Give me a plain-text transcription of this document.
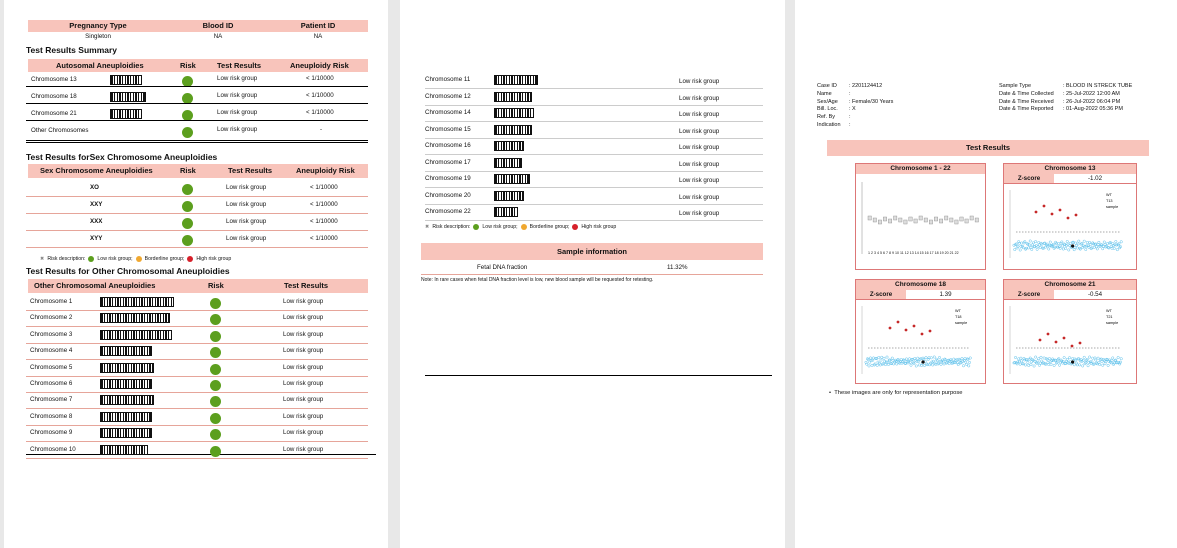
Pregnancy Type	Blood ID	Patient ID
Singleton	NA	NA
Test Results Summary
Autosomal Aneuploidies	Risk	Test Results	Aneuploidy Risk
Test Results forSex Chromosome Aneuploidies
Sex Chromosome Aneuploidies	Risk	Test Results	Aneuploidy Risk
✖ Risk description: Low risk group; Borderline group; High risk group
Test Results for Other Chromosomal Aneuploidies
Other Chromosomal Aneuploidies	Risk	Test Results
Chromosome 13	Low risk group	< 1/10000
Chromosome 18	Low risk group	< 1/10000
Chromosome 21	Low risk group	< 1/10000
Other Chromosomes	Low risk group	-
XO	Low risk group	< 1/10000
XXY	Low risk group	< 1/10000
XXX	Low risk group	< 1/10000
XYY	Low risk group	< 1/10000
Chromosome 1	Low risk group
Chromosome 2	Low risk group
Chromosome 3	Low risk group
Chromosome 4	Low risk group
Chromosome 5	Low risk group
Chromosome 6	Low risk group
Chromosome 7	Low risk group
Chromosome 8	Low risk group
Chromosome 9	Low risk group
Chromosome 10	Low risk group
✖ Risk description: Low risk group; Borderline group; High risk group
Sample information
Fetal DNA fraction	11.32%
Note: In rare cases when fetal DNA fraction level is low, new blood sample will be requested for retesting.
Chromosome 11	Low risk group
Chromosome 12	Low risk group
Chromosome 14	Low risk group
Chromosome 15	Low risk group
Chromosome 16	Low risk group
Chromosome 17	Low risk group
Chromosome 19	Low risk group
Chromosome 20	Low risk group
Chromosome 22	Low risk group
Test Results
Chromosome 1 - 22
1 2 3 4 5 6 7 8 9 10 11 12 13 14 15 16 17 18 19 20 21 22
Chromosome 13
Z-score	-1.02
WT
T13
sample
Chromosome 18
Z-score	1.39
WT
T18
sample
Chromosome 21
Z-score	-0.54
WT
T21
sample
• These images are only for representation purpose
Case ID : 2201124412
Name	:
Sex/Age : Female/30 Years
Bill. Loc. : X
Ref. By	:
Indication :
Sample Type	: BLOOD IN STRECK TUBE
Date & Time Collected : 25-Jul-2022 12:00 AM
Date & Time Received : 26-Jul-2022 06:04 PM
Date & Time Reported : 01-Aug-2022 05:36 PM
